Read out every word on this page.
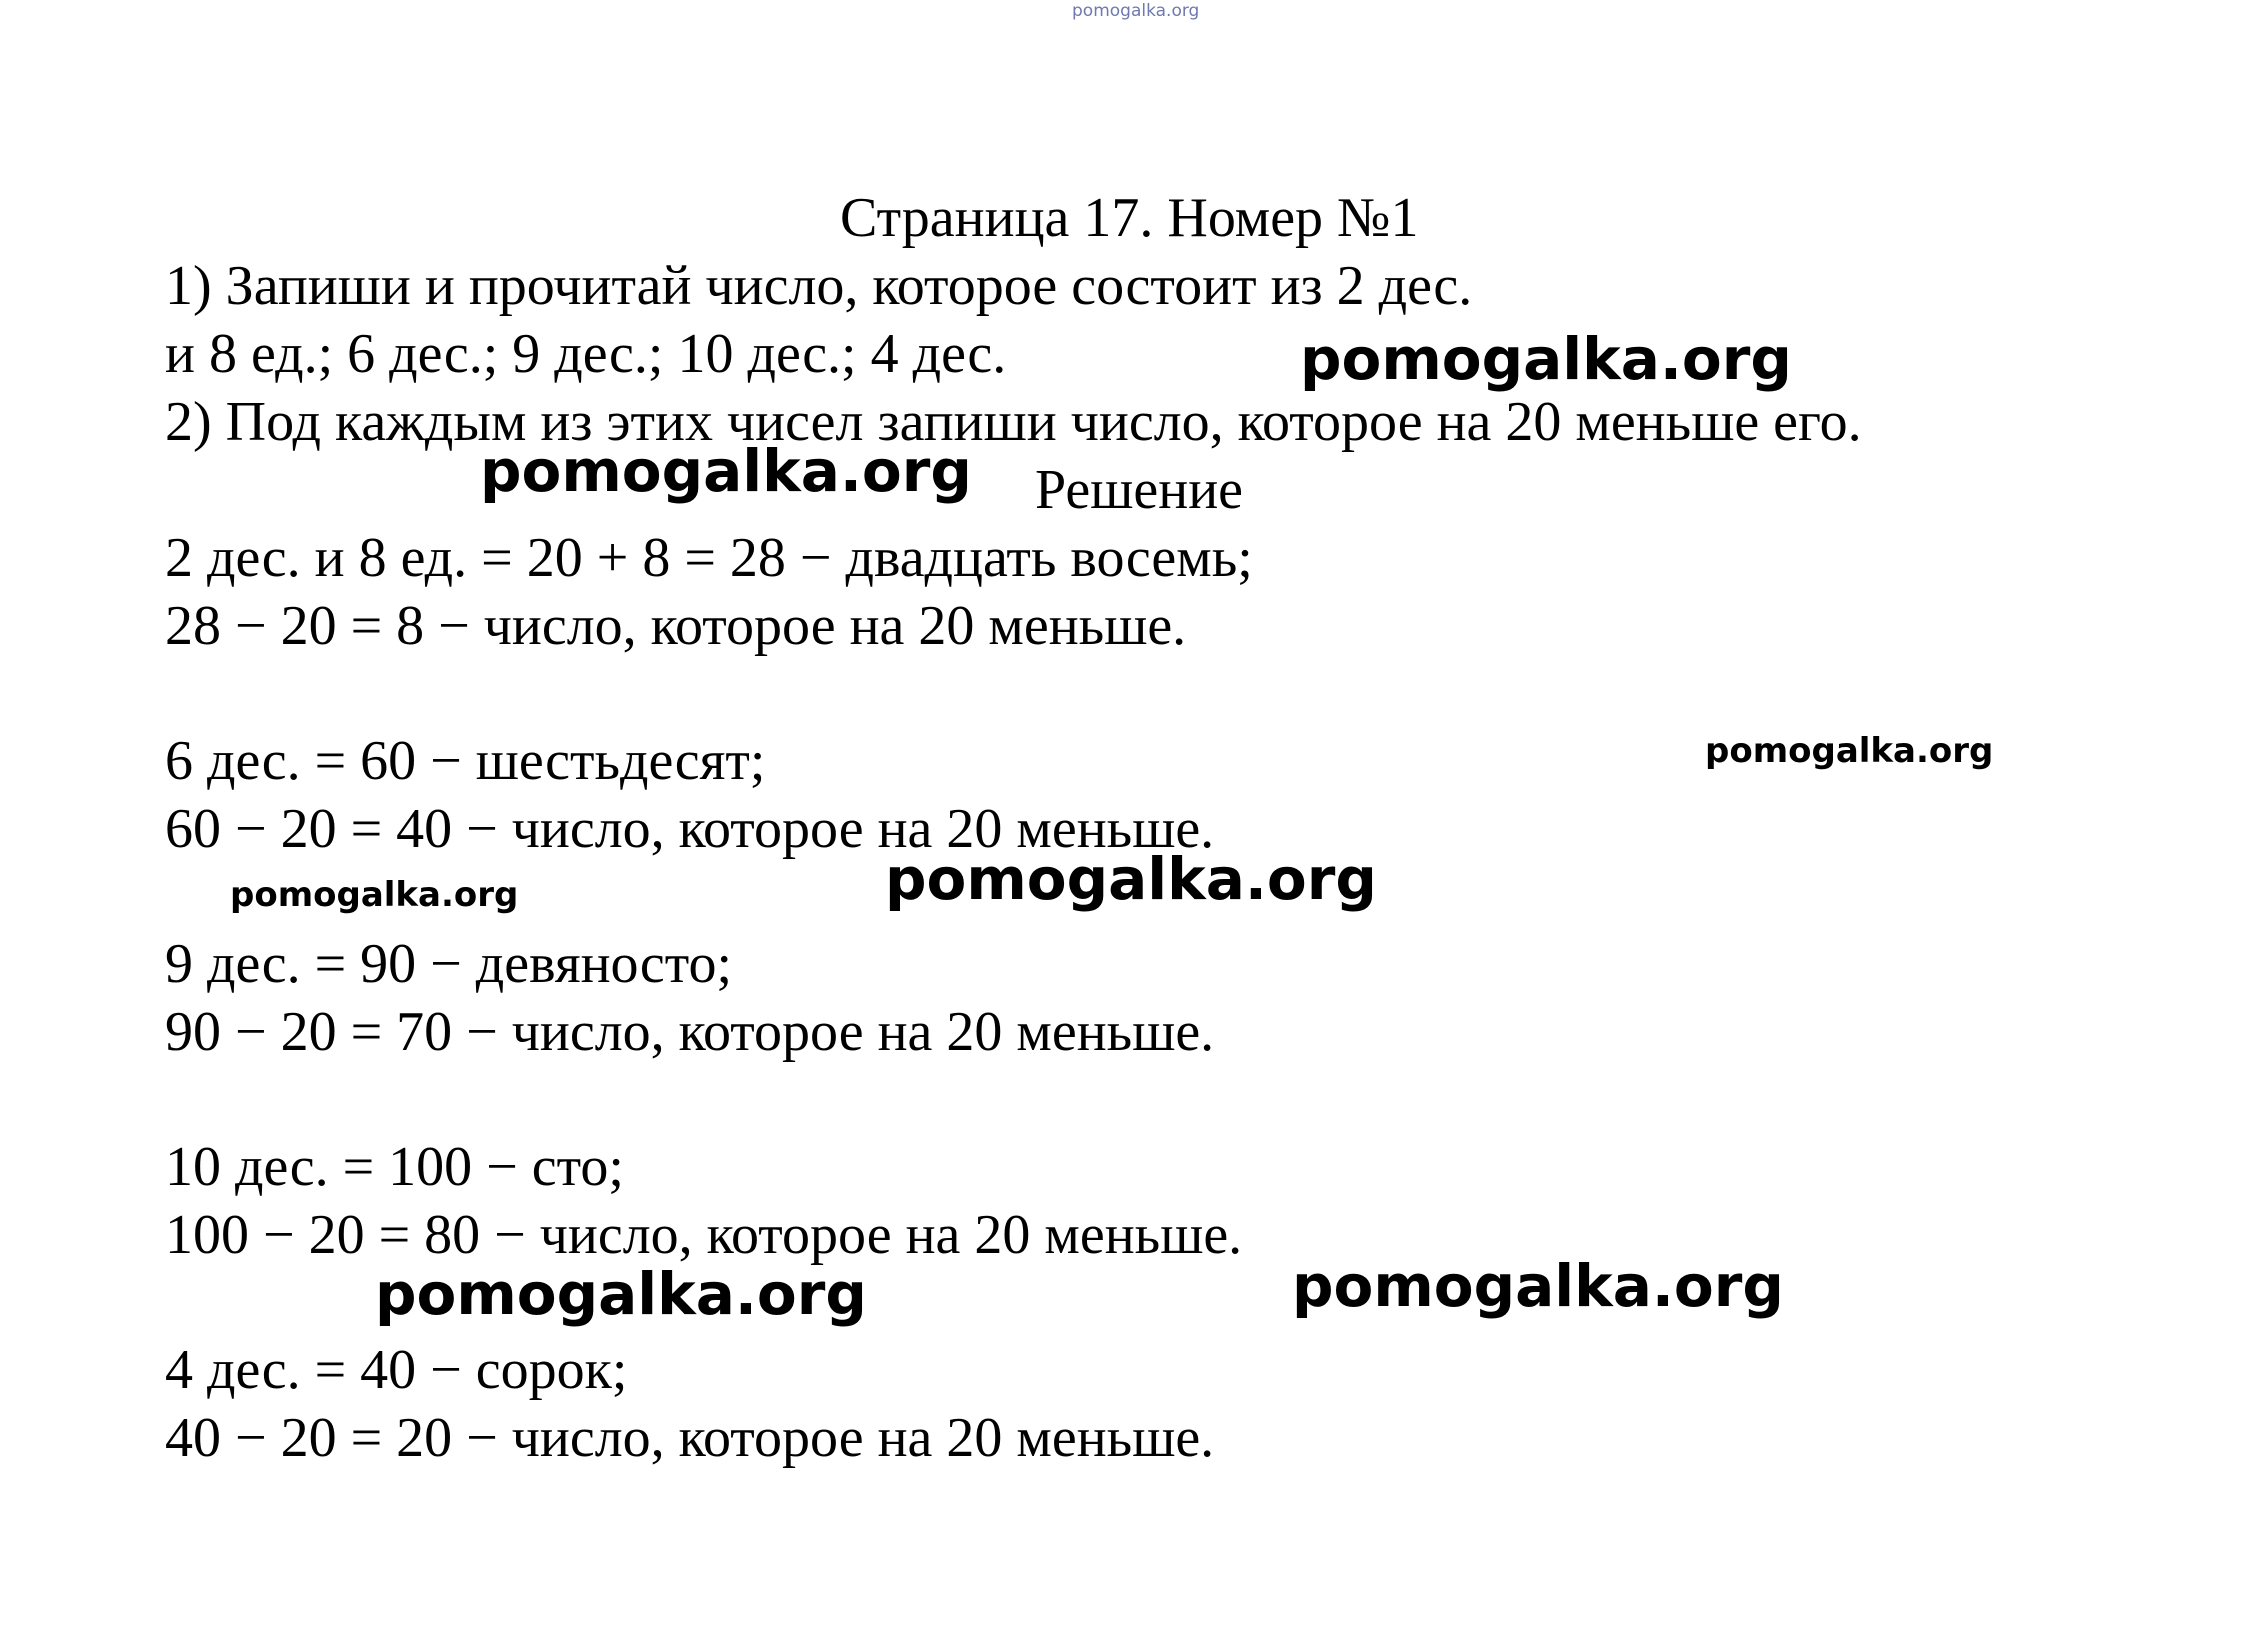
pomogalka.org
Страница 17. Номер №1
1) Запиши и прочитай число, которое состоит из 2 дес.
и 8 ед.; 6 дес.; 9 дес.; 10 дес.; 4 дес.
2) Под каждым из этих чисел запиши число, которое на 20 меньше его.
Решение
2 дес. и 8 ед. = 20 + 8 = 28 − двадцать восемь;
28 − 20 = 8 − число, которое на 20 меньше.
6 дес. = 60 − шестьдесят;
60 − 20 = 40 − число, которое на 20 меньше.
9 дес. = 90 − девяносто;
90 − 20 = 70 − число, которое на 20 меньше.
10 дес. = 100 − сто;
100 − 20 = 80 − число, которое на 20 меньше.
4 дес. = 40 − сорок;
40 − 20 = 20 − число, которое на 20 меньше.
pomogalka.org
pomogalka.org
pomogalka.org
pomogalka.org
pomogalka.org
pomogalka.org
pomogalka.org
